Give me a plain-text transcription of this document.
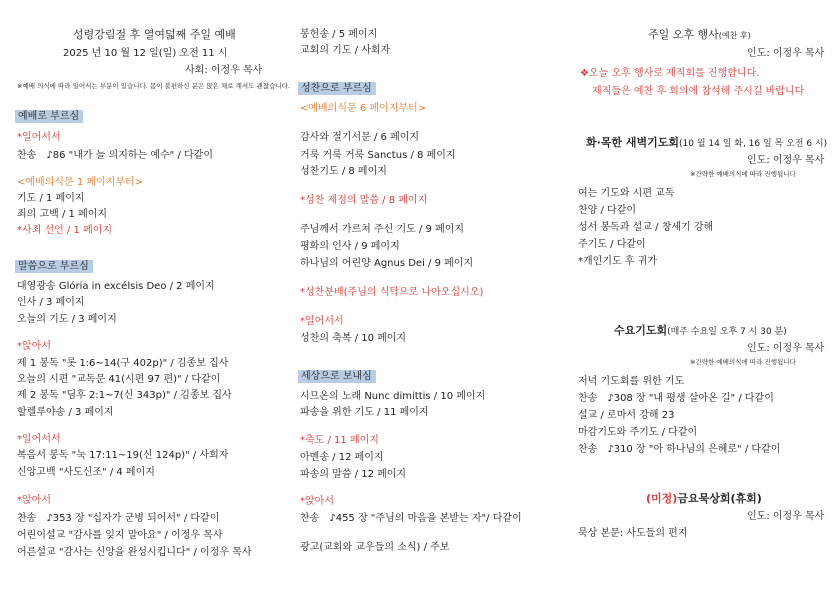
성령강림절 후 열여덟째 주일 예배
2025 년 10 월 12 일(일) 오전 11 시
사회: 이정우 목사
※예배 의식에 따라 일어서는 부분이 있습니다. 몸이 불편하신 분은 앉은 채로 계셔도 괜찮습니다.
예배로 부르심
*일어서서
찬송　♪86 "내가 늘 의지하는 예수" / 다같이
<예배의식문 1 페이지부터>
기도 / 1 페이지
죄의 고백 / 1 페이지
*사죄 선언 / 1 페이지
말씀으로 부르심
대영광송 Glória in excélsis Deo / 2 페이지
인사 / 3 페이지
오늘의 기도 / 3 페이지
*앉아서
제 1 봉독 "롯 1:6~14(구 402p)" / 김종보 집사
오늘의 시편 "교독문 41(시편 97 편)" / 다같이
제 2 봉독 "딤후 2:1~7(신 343p)" / 김종보 집사
할렐루야송 / 3 페이지
*일어서서
복음서 봉독 "눅 17:11~19(신 124p)" / 사회자
신앙고백 "사도신조" / 4 페이지
*앉아서
찬송　♪353 장 "십자가 군병 되어서" / 다같이
어린이설교 "감사를 잊지 말아요" / 이정우 목사
어른설교 "감사는 신앙을 완성시킵니다" / 이정우 목사
봉헌송 / 5 페이지
교회의 기도 / 사회자
성찬으로 부르심
<예배의식문 6 페이지부터>
감사와 절기서문 / 6 페이지
거룩 거룩 거룩 Sanctus / 8 페이지
성찬기도 / 8 페이지
*성찬 제정의 말씀 / 8 페이지
주님께서 가르쳐 주신 기도 / 9 페이지
평화의 인사 / 9 페이지
하나님의 어린양 Agnus Dei / 9 페이지
*성찬분배(주님의 식탁으로 나아오십시오)
*일어서서
성찬의 축복 / 10 페이지
세상으로 보내심
시므온의 노래 Nunc dimittis / 10 페이지
파송을 위한 기도 / 11 페이지
*축도 / 11 페이지
아멘송 / 12 페이지
파송의 말씀 / 12 페이지
*앉아서
찬송　♪455 장 "주님의 마음을 본받는 자"/ 다같이
광고(교회와 교우들의 소식) / 주보
주일 오후 행사(예찬 후)
인도: 이정우 목사
❖오늘 오후 행사로 제직회를 진행합니다.
제직들은 예찬 후 회의에 참석해 주시길 바랍니다
화·목한 새벽기도회(10 월 14 일 화, 16 일 목 오전 6 시)
인도: 이정우 목사
※간략한 예배의식에 따라 진행됩니다
여는 기도와 시편 교독
찬양 / 다같이
성서 봉독과 설교 / 창세기 강해
주기도 / 다같이
*개인기도 후 귀가
수요기도회(매주 수요일 오후 7 시 30 분)
인도: 이정우 목사
※간략한 예배의식에 따라 진행됩니다
저녁 기도회를 위한 기도
찬송　♪308 장 "내 평생 살아온 길" / 다같이
설교 / 로마서 강해 23
마감기도와 주기도 / 다같이
찬송　♪310 장 "아 하나님의 은혜로" / 다같이
(미정)금요묵상회(휴회)
인도: 이정우 목사
묵상 본문: 사도들의 편지
